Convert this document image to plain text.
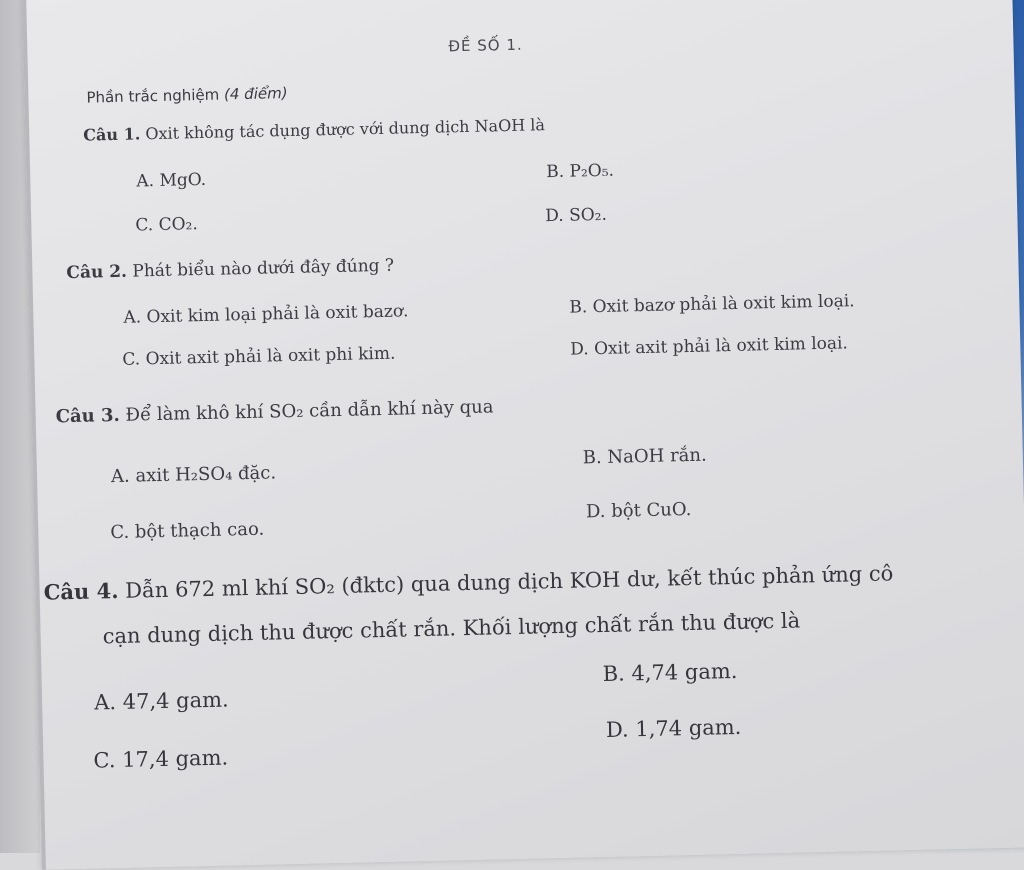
ĐỀ SỐ 1.
Phần trắc nghiệm (4 điểm)
Câu 1. Oxit không tác dụng được với dung dịch NaOH là
A. MgO.	B. P₂O₅.
C. CO₂.	D. SO₂.
Câu 2. Phát biểu nào dưới đây đúng ?
A. Oxit kim loại phải là oxit bazơ.	B. Oxit bazơ phải là oxit kim loại.
C. Oxit axit phải là oxit phi kim.	D. Oxit axit phải là oxit kim loại.
Câu 3. Để làm khô khí SO₂ cần dẫn khí này qua
A. axit H₂SO₄ đặc.
B. NaOH rắn.
C. bột thạch cao.
D. bột CuO.
Câu 4. Dẫn 672 ml khí SO₂ (đktc) qua dung dịch KOH dư, kết thúc phản ứng cô
cạn dung dịch thu được chất rắn. Khối lượng chất rắn thu được là
A. 47,4 gam.
B. 4,74 gam.
C. 17,4 gam.
D. 1,74 gam.
